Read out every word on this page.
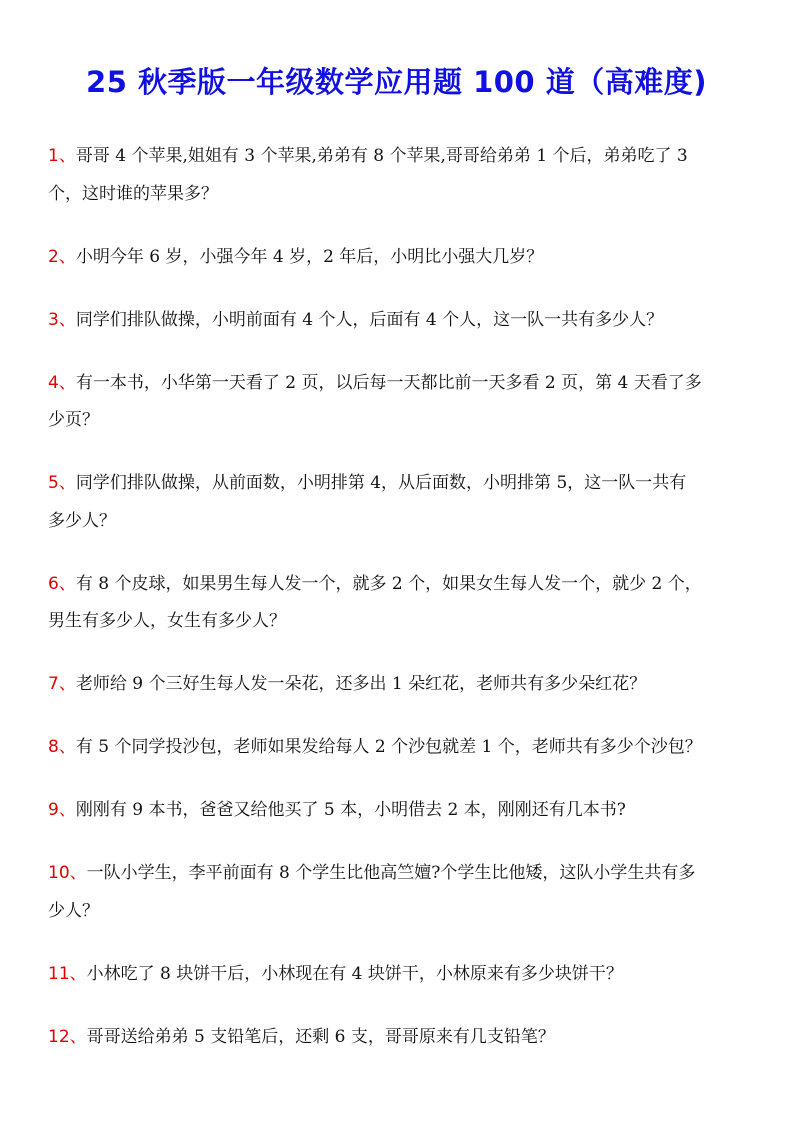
25 秋季版一年级数学应用题 100 道（高难度)
1、哥哥 4 个苹果,姐姐有 3 个苹果,弟弟有 8 个苹果,哥哥给弟弟 1 个后，弟弟吃了 3
个，这时谁的苹果多？
2、小明今年 6 岁，小强今年 4 岁，2 年后，小明比小强大几岁？
3、同学们排队做操，小明前面有 4 个人，后面有 4 个人，这一队一共有多少人？
4、有一本书，小华第一天看了 2 页，以后每一天都比前一天多看 2 页，第 4 天看了多
少页？
5、同学们排队做操，从前面数，小明排第 4，从后面数，小明排第 5，这一队一共有
多少人？
6、有 8 个皮球，如果男生每人发一个，就多 2 个，如果女生每人发一个，就少 2 个，
男生有多少人，女生有多少人？
7、老师给 9 个三好生每人发一朵花，还多出 1 朵红花，老师共有多少朵红花？
8、有 5 个同学投沙包，老师如果发给每人 2 个沙包就差 1 个，老师共有多少个沙包？
9、刚刚有 9 本书，爸爸又给他买了 5 本，小明借去 2 本，刚刚还有几本书?
10、一队小学生，李平前面有 8 个学生比他高竺嬗?个学生比他矮，这队小学生共有多
少人？
11、小林吃了 8 块饼干后，小林现在有 4 块饼干，小林原来有多少块饼干？
12、哥哥送给弟弟 5 支铅笔后，还剩 6 支，哥哥原来有几支铅笔？
